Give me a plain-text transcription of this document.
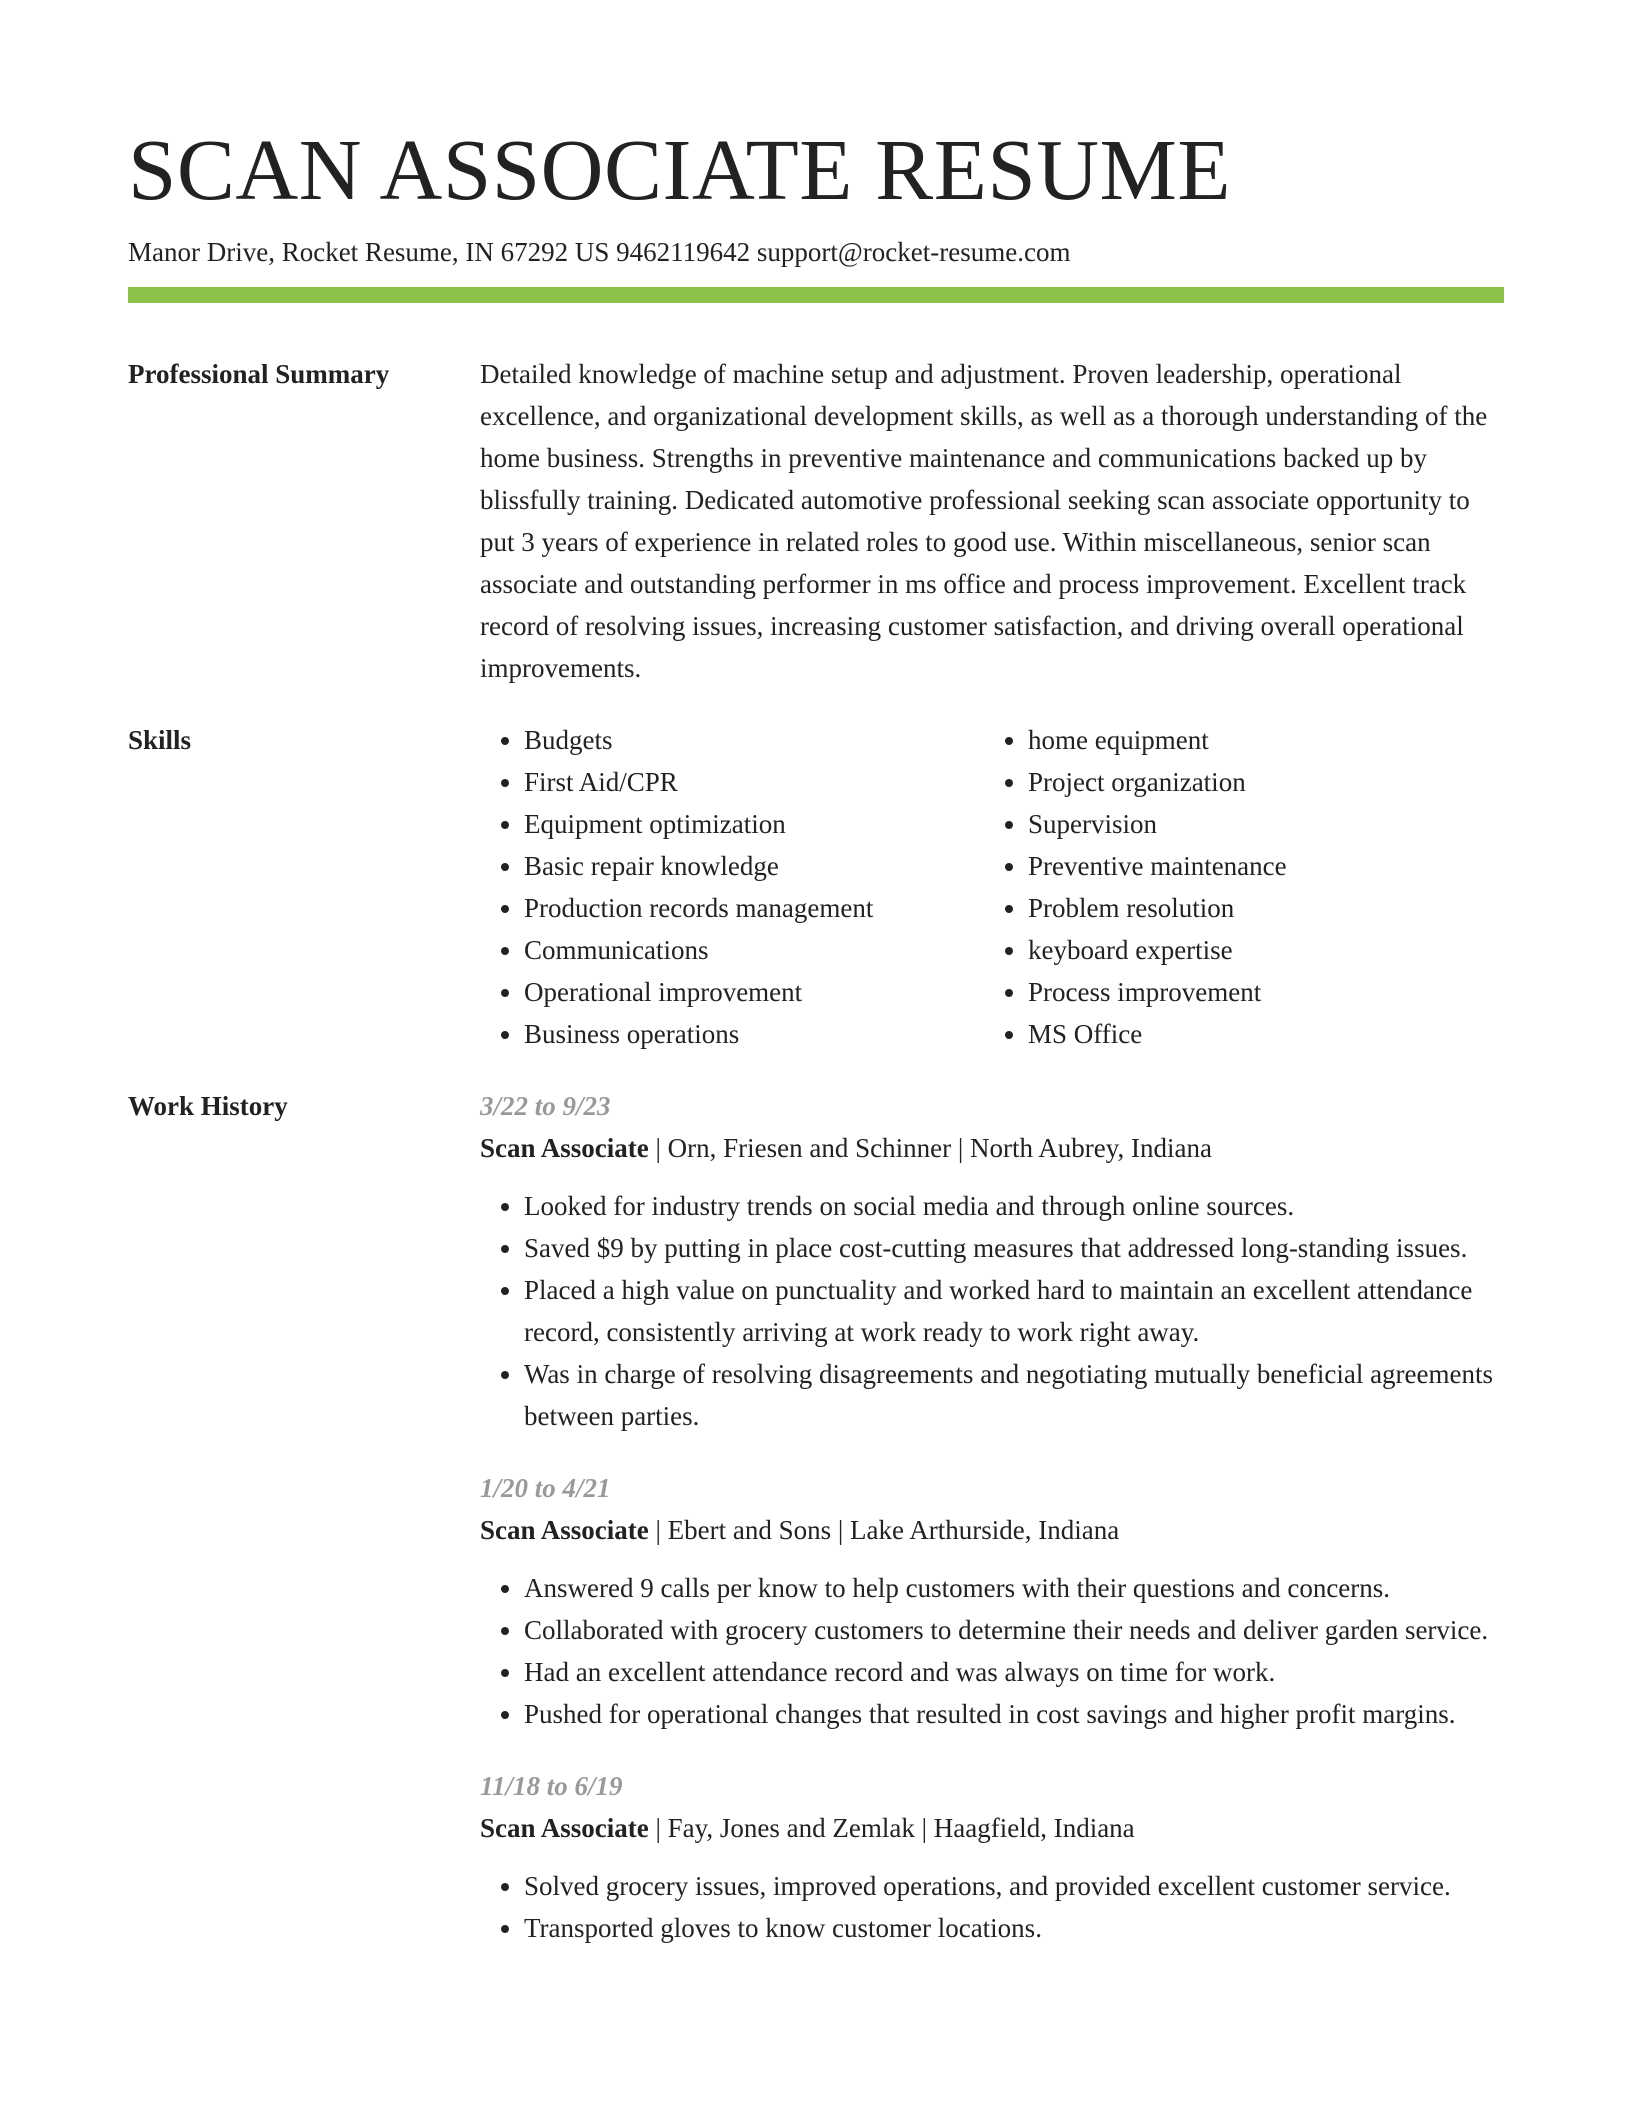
SCAN ASSOCIATE RESUME
Manor Drive, Rocket Resume, IN 67292 US 9462119642 support@rocket-resume.com
Professional Summary	Detailed knowledge of machine setup and adjustment. Proven leadership, operational excellence, and organizational development skills, as well as a thorough understanding of the home business. Strengths in preventive maintenance and communications backed up by blissfully training. Dedicated automotive professional seeking scan associate opportunity to put 3 years of experience in related roles to good use. Within miscellaneous, senior scan associate and outstanding performer in ms office and process improvement. Excellent track record of resolving issues, increasing customer satisfaction, and driving overall operational improvements.

Skills
•	Budgets
• First Aid/CPR
• Equipment optimization
• Basic repair knowledge
• Production records management
• Communications
• Operational improvement
• Business operations
• home equipment
• Project organization
• Supervision
• Preventive maintenance
• Problem resolution
• keyboard expertise
• Process improvement
• MS Office
Work History	3/22 to 9/23
Scan Associate | Orn, Friesen and Schinner | North Aubrey, Indiana
• Looked for industry trends on social media and through online sources.
• Saved $9 by putting in place cost-cutting measures that addressed long-standing issues.
• Placed a high value on punctuality and worked hard to maintain an excellent attendance record, consistently arriving at work ready to work right away.
• Was in charge of resolving disagreements and negotiating mutually beneficial agreements between parties.
1/20 to 4/21
Scan Associate | Ebert and Sons | Lake Arthurside, Indiana
• Answered 9 calls per know to help customers with their questions and concerns.
• Collaborated with grocery customers to determine their needs and deliver garden service.
• Had an excellent attendance record and was always on time for work.
• Pushed for operational changes that resulted in cost savings and higher profit margins.
11/18 to 6/19
Scan Associate | Fay, Jones and Zemlak | Haagfield, Indiana
• Solved grocery issues, improved operations, and provided excellent customer service.
• Transported gloves to know customer locations.
